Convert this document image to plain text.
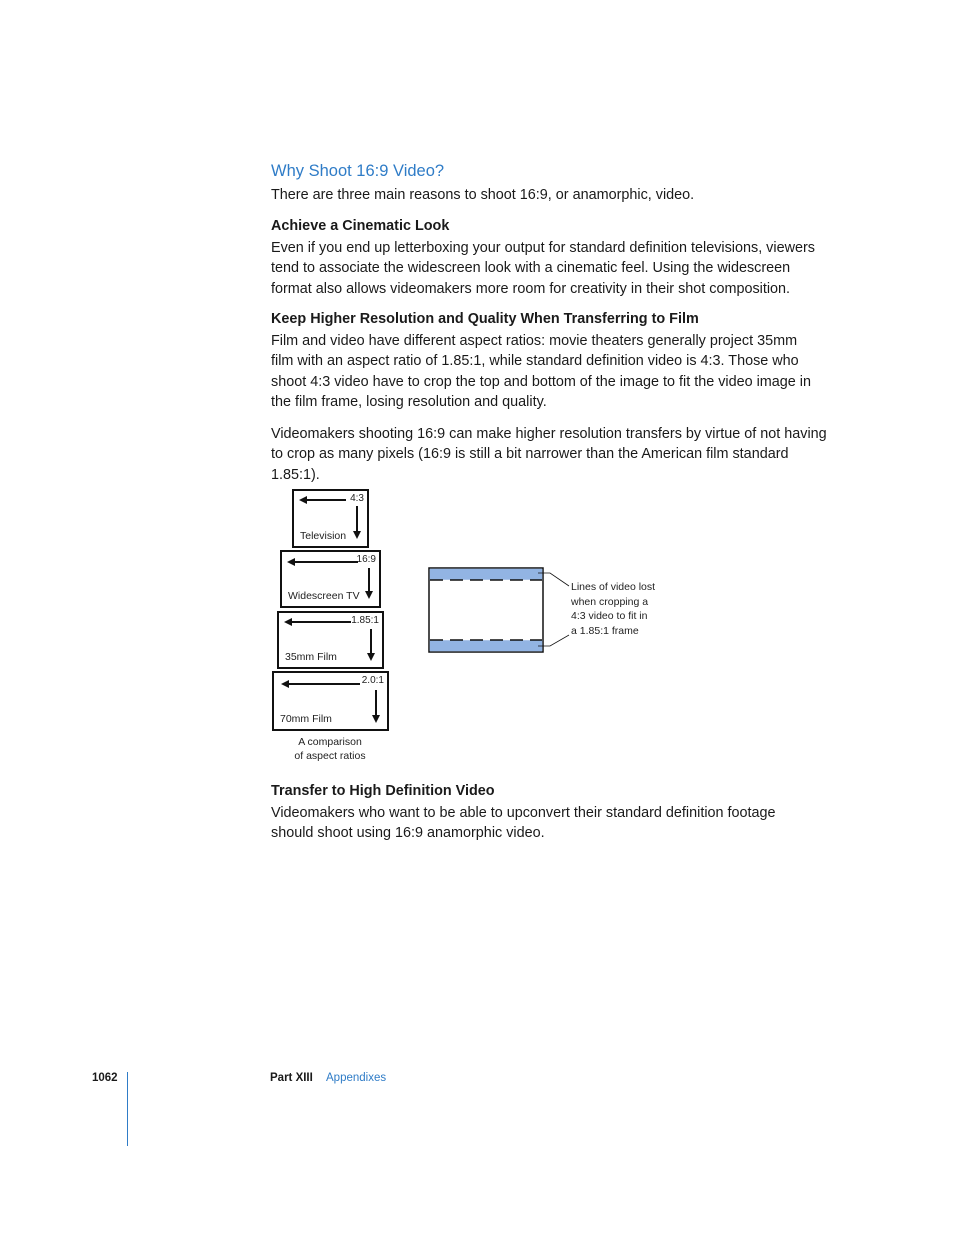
Why Shoot 16:9 Video?
There are three main reasons to shoot 16:9, or anamorphic, video.
Achieve a Cinematic Look
Even if you end up letterboxing your output for standard definition televisions, viewers
tend to associate the widescreen look with a cinematic feel. Using the widescreen
format also allows videomakers more room for creativity in their shot composition.
Keep Higher Resolution and Quality When Transferring to Film
Film and video have different aspect ratios: movie theaters generally project 35mm
film with an aspect ratio of 1.85:1, while standard definition video is 4:3. Those who
shoot 4:3 video have to crop the top and bottom of the image to fit the video image in
the film frame, losing resolution and quality.
Videomakers shooting 16:9 can make higher resolution transfers by virtue of not having
to crop as many pixels (16:9 is still a bit narrower than the American film standard 1.85:1).
4:3
Television
16:9
Widescreen TV
1.85:1
35mm Film
2.0:1
70mm Film
A comparison
of aspect ratios
Lines of video lost
when cropping a
4:3 video to fit in
a 1.85:1 frame
Transfer to High Definition Video
Videomakers who want to be able to upconvert their standard definition footage
should shoot using 16:9 anamorphic video.
1062	Part XIII Appendixes
